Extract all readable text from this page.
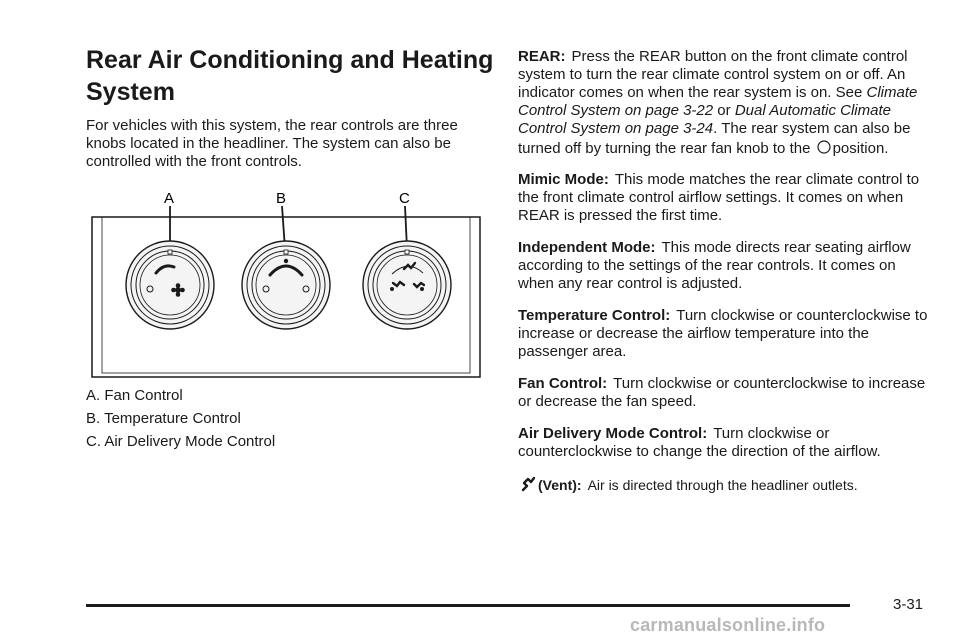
Rear Air Conditioning and Heating System

For vehicles with this system, the rear controls are three knobs located in the headliner. The system can also be controlled with the front controls.

A	B	C
A. Fan Control
B. Temperature Control
C. Air Delivery Mode Control

REAR: Press the REAR button on the front climate control system to turn the rear climate control system on or off. An indicator comes on when the rear system is on. See Climate Control System on page 3-22 or Dual Automatic Climate Control System on page 3-24. The rear system can also be turned off by turning the rear fan knob to the position.

Mimic Mode: This mode matches the rear climate control to the front climate control airflow settings. It comes on when REAR is pressed the first time.

Independent Mode: This mode directs rear seating airflow according to the settings of the rear controls. It comes on when any rear control is adjusted.

Temperature Control: Turn clockwise or counterclockwise to increase or decrease the airflow temperature into the passenger area.

Fan Control: Turn clockwise or counterclockwise to increase or decrease the fan speed.

Air Delivery Mode Control: Turn clockwise or counterclockwise to change the direction of the airflow.

(Vent): Air is directed through the headliner outlets.

3-31
carmanualsonline.info
